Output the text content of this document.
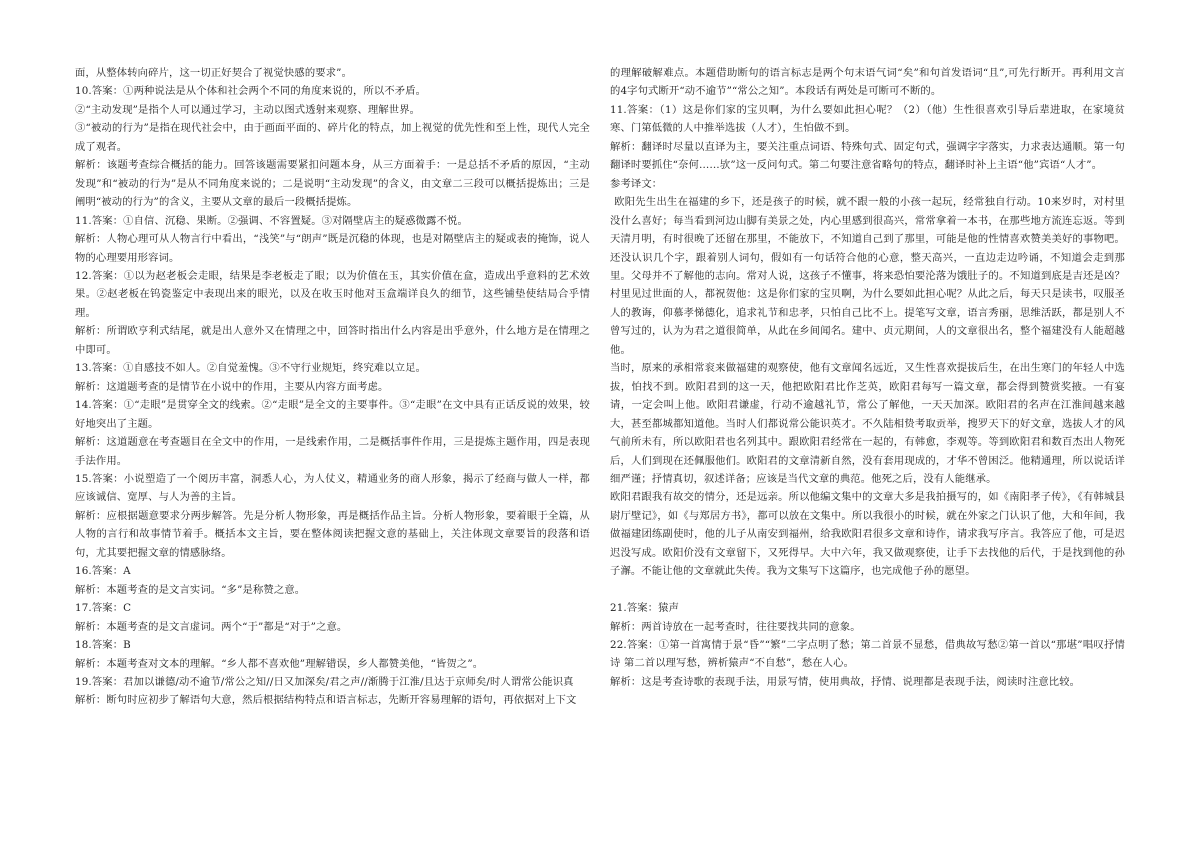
面，从整体转向碎片，这一切正好契合了视觉快感的要求”。

10.答案：①两种说法是从个体和社会两个不同的角度来说的，所以不矛盾。

②“主动发现”是指个人可以通过学习，主动以图式透射来观察、理解世界。

③“被动的行为”是指在现代社会中，由于画面平面的、碎片化的特点，加上视觉的优先性和至上性，现代人完全成了观者。

解析：该题考查综合概括的能力。回答该题需要紧扣问题本身，从三方面着手：一是总括不矛盾的原因，“主动发现”和“被动的行为”是从不同角度来说的；二是说明“主动发现”的含义，由文章二三段可以概括提炼出；三是阐明“被动的行为”的含义，主要从文章的最后一段概括提炼。

11.答案：①自信、沉稳、果断。②强调、不容置疑。③对隔壁店主的疑惑微露不悦。

解析：人物心理可从人物言行中看出，“浅笑”与“朗声”既是沉稳的体现，也是对隔壁店主的疑或表的掩饰，说人物的心理要用形容词。

12.答案：①以为赵老板会走眼，结果是李老板走了眼；以为价值在玉，其实价值在盒，造成出乎意料的艺术效果。②赵老板在钨瓷鉴定中表现出来的眼光，以及在收玉时他对玉盒端详良久的细节，这些铺垫使结局合乎情理。

解析：所谓欧亨利式结尾，就是出人意外又在情理之中，回答时指出什么内容是出乎意外，什么地方是在情理之中即可。

13.答案：①自感技不如人。②自觉羞愧。③不守行业规矩，终究难以立足。

解析：这道题考查的是情节在小说中的作用，主要从内容方面考虑。

14.答案：①“走眼”是贯穿全文的线索。②“走眼”是全文的主要事件。③“走眼”在文中具有正话反说的效果，较好地突出了主题。

解析：这道题意在考查题目在全文中的作用，一是线索作用，二是概括事件作用，三是提炼主题作用，四是表现手法作用。

15.答案：小说塑造了一个阅历丰富，洞悉人心，为人仗义，精通业务的商人形象，揭示了经商与做人一样，都应该诚信、宽厚、与人为善的主旨。

解析：应根据题意要求分两步解答。先是分析人物形象，再是概括作品主旨。分析人物形象，要着眼于全篇，从人物的言行和故事情节着手。概括本文主旨，要在整体阅读把握文意的基础上，关注体现文章要旨的段落和语句，尤其要把握文章的情感脉络。

16.答案：A

解析：本题考查的是文言实词。“多”是称赞之意。

17.答案：C

解析：本题考查的是文言虚词。两个“于”都是“对于”之意。

18.答案：B

解析：本题考查对文本的理解。“乡人都不喜欢他”理解错误，乡人都赞美他，“皆贺之”。

19.答案：君加以谦德/动不逾节/常公之知//日又加深矣/君之声//渐腾于江淮/且达于京师矣/时人谓常公能识真

解析：断句时应初步了解语句大意，然后根据结构特点和语言标志，先断开容易理解的语句，再依据对上下文

的理解破解难点。本题借助断句的语言标志是两个句末语气词“矣”和句首发语词“且”,可先行断开。再利用文言的4字句式断开“动不逾节”“常公之知”。本段话有两处是可断可不断的。

11.答案：（1）这是你们家的宝贝啊，为什么要如此担心呢？（2）（他）生性很喜欢引导后辈进取，在家境贫寒、门第低微的人中推举选拔（人才），生怕做不到。

解析：翻译时尽量以直译为主，要关注重点词语、特殊句式、固定句式，强调字字落实，力求表达通顺。第一句翻译时要抓住“奈何……欤”这一反问句式。第二句要注意省略句的特点，翻译时补上主语“他”宾语“人才”。

参考译文：

欧阳先生出生在福建的乡下，还是孩子的时候，就不跟一般的小孩一起玩，经常独自行动。10来岁时，对村里没什么喜好；每当看到河边山脚有美景之处，内心里感到很高兴，常常拿着一本书，在那些地方流连忘返。等到天清月明，有时很晚了还留在那里，不能放下，不知道自己到了那里，可能是他的性情喜欢赞美美好的事物吧。还没认识几个字，跟着别人词句，假如有一句话符合他的心意，整天高兴，一直边走边吟诵，不知道会走到那里。父母并不了解他的志向。常对人说，这孩子不懂事，将来恐怕要沦落为饿肚子的。不知道到底是吉还是凶？村里见过世面的人，都祝贺他：这是你们家的宝贝啊，为什么要如此担心呢？从此之后，每天只是读书，叹服圣人的教诲，仰慕孝悌德化，追求礼节和忠孝，只怕自己比不上。提笔写文章，语言秀丽，思维活跃，都是别人不曾写过的，认为为君之道很简单，从此在乡间闻名。建中、贞元期间，人的文章很出名，整个福建没有人能超越他。

当时，原来的承相常衮来做福建的观察使，他有文章闻名远近，又生性喜欢提拔后生，在出生寒门的年轻人中选拔，怕找不到。欧阳君到的这一天，他把欧阳君比作芝英，欧阳君每写一篇文章，都会得到赞赏奖掖。一有宴请，一定会叫上他。欧阳君谦虚，行动不逾越礼节，常公了解他，一天天加深。欧阳君的名声在江淮间越来越大，甚至都城都知道他。当时人们都说常公能识英才。不久陆相贽考取贡举，搜罗天下的好文章，选拔人才的风气前所未有，所以欧阳君也名列其中。跟欧阳君经常在一起的，有韩愈，李观等。等到欧阳君和数百杰出人物死后，人们到现在还佩服他们。欧阳君的文章清新自然，没有套用现成的，才华不曾困泛。他精通理，所以说话详细严谨；抒情真切，叙述详备；应该是当代文章的典范。他死之后，没有人能继承。

欧阳君跟我有故交的情分，还是远亲。所以他编文集中的文章大多是我拍摄写的，如《南阳孝子传》，《有韩城县尉厅壁记》，如《与郑居方书》，都可以放在文集中。所以我很小的时候，就在外家之门认识了他，大和年间，我做福建团练副使时，他的儿子从南安到福州，给我欧阳君很多文章和诗作，请求我写序言。我答应了他，可是迟迟没写成。欧阳价没有文章留下，又死得早。大中六年，我又做观察使，让手下去找他的后代，于是找到他的孙子澥。不能让他的文章就此失传。我为文集写下这篇序，也完成他子孙的愿望。

21.答案：猿声

解析：两首诗放在一起考查时，往往要找共同的意象。

22.答案：①第一首寓情于景“昏”“繁”二字点明了愁；第二首景不显愁，借典故写愁②第一首以“那堪”唱叹抒情诗 第二首以理写愁，辨析猿声“不自愁”，愁在人心。

解析：这是考查诗歌的表现手法，用景写情，使用典故，抒情、说理都是表现手法，阅读时注意比较。
